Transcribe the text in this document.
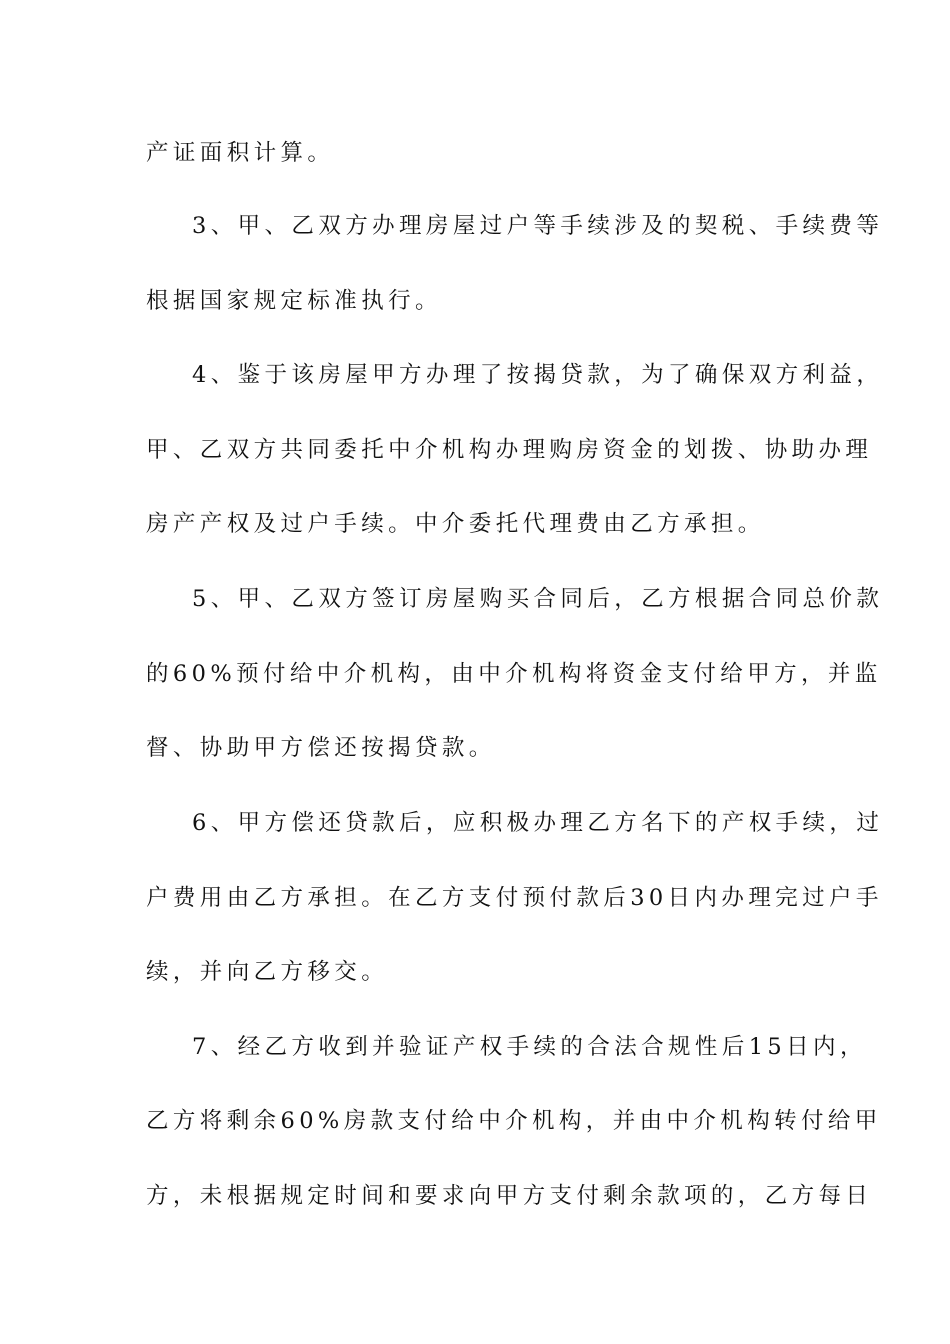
产证面积计算。
3、甲、乙双方办理房屋过户等手续涉及的契税、手续费等
根据国家规定标准执行。
4、鉴于该房屋甲方办理了按揭贷款，为了确保双方利益，
甲、乙双方共同委托中介机构办理购房资金的划拨、协助办理
房产产权及过户手续。中介委托代理费由乙方承担。
5、甲、乙双方签订房屋购买合同后，乙方根据合同总价款
的60%预付给中介机构，由中介机构将资金支付给甲方，并监
督、协助甲方偿还按揭贷款。
6、甲方偿还贷款后，应积极办理乙方名下的产权手续，过
户费用由乙方承担。在乙方支付预付款后30日内办理完过户手
续，并向乙方移交。
7、经乙方收到并验证产权手续的合法合规性后15日内，
乙方将剩余60%房款支付给中介机构，并由中介机构转付给甲
方，未根据规定时间和要求向甲方支付剩余款项的，乙方每日
